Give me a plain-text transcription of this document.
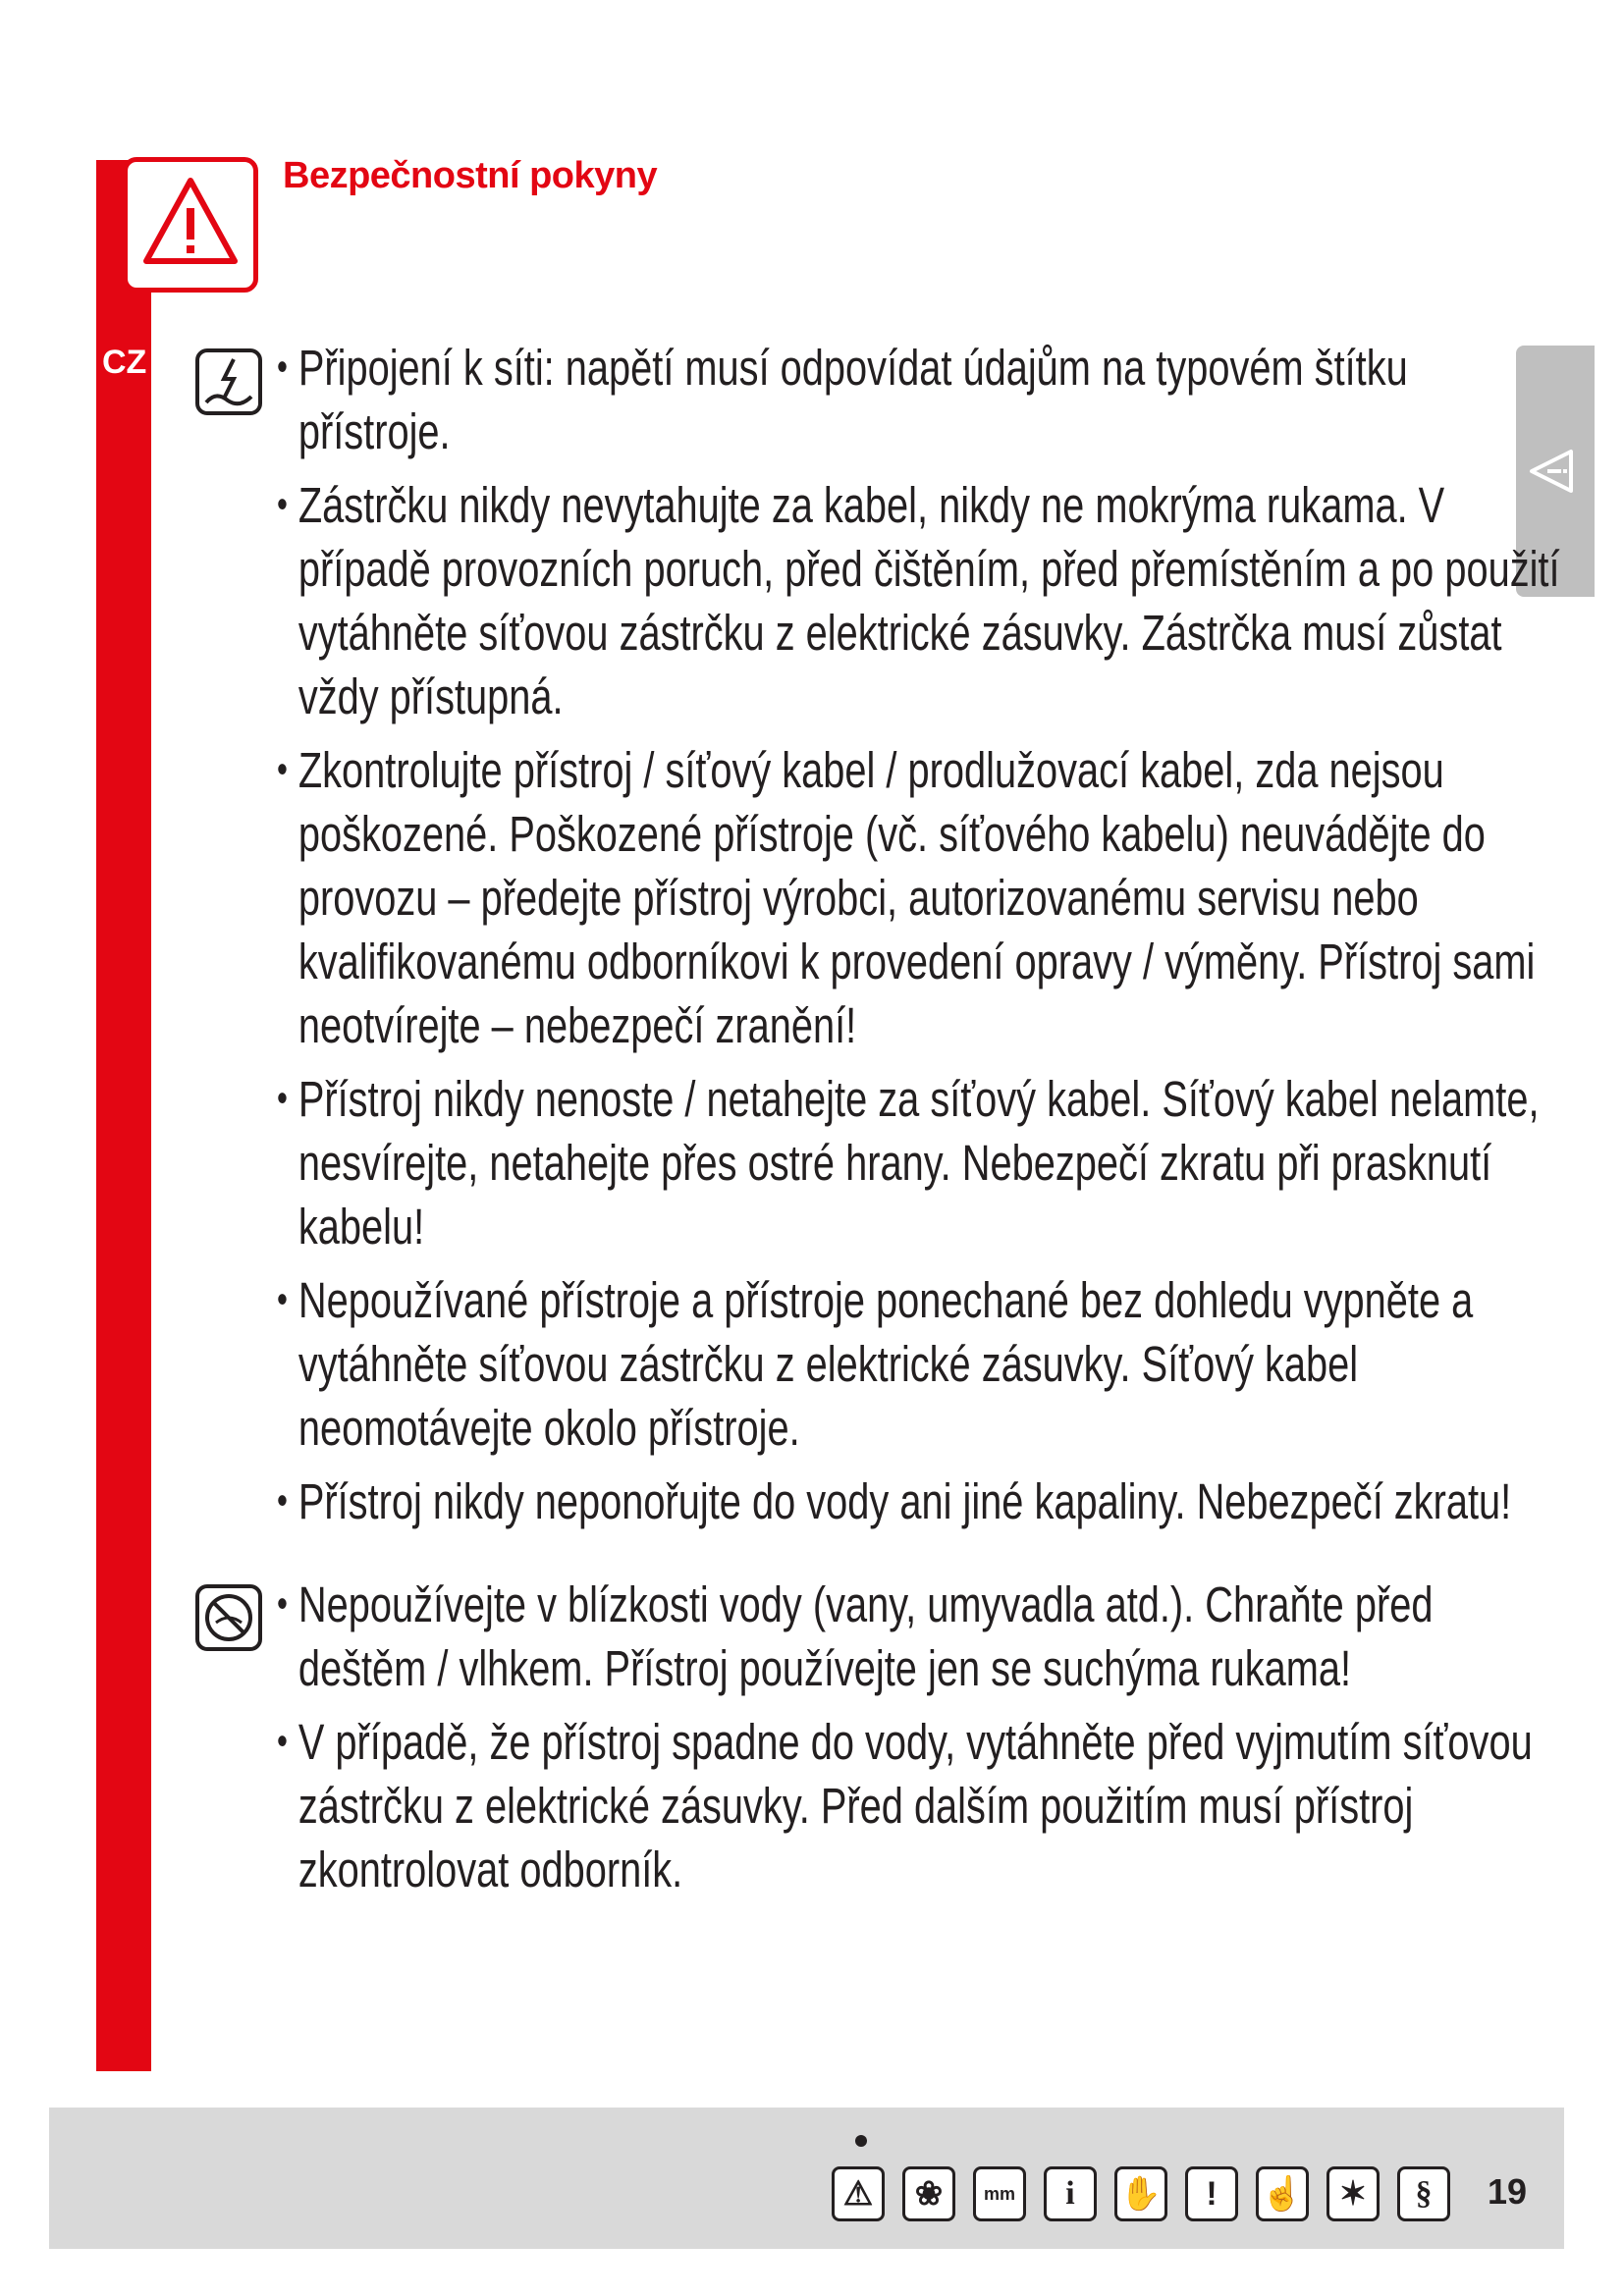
Bezpečnostní pokyny
CZ
•	Připojení k síti: napětí musí odpovídat údajům na typovém štítku přístroje.
• Zástrčku nikdy nevytahujte za kabel, nikdy ne mokrýma rukama. V případě provozních poruch, před čištěním, před přemístěním a po použití vytáhněte síťovou zástrčku z elektrické zásuvky. Zástrčka musí zůstat vždy přístupná.
• Zkontrolujte přístroj / síťový kabel / prodlužovací kabel, zda nejsou poškozené. Poškozené přístroje (vč. síťového kabelu) neuvádějte do provozu – předejte přístroj výrobci, autorizovanému servisu nebo kvalifikovanému odborníkovi k provedení opravy / výměny. Přístroj sami neotvírejte – nebezpečí zranění!
• Přístroj nikdy nenoste / netahejte za síťový kabel. Síťový kabel nelamte, nesvírejte, netahejte přes ostré hrany. Nebezpečí zkratu při prasknutí kabelu!
• Nepoužívané přístroje a přístroje ponechané bez dohledu vypněte a vytáhněte síťovou zástrčku z elektrické zásuvky. Síťový kabel neomotávejte okolo přístroje.
• Přístroj nikdy neponořujte do vody ani jiné kapaliny. Nebezpečí zkratu!
• Nepoužívejte v blízkosti vody (vany, umyvadla atd.). Chraňte před deštěm / vlhkem. Přístroj používejte jen se suchýma rukama!
• V případě, že přístroj spadne do vody, vytáhněte před vyjmutím síťovou zástrčku z elektrické zásuvky. Před dalším použitím musí přístroj zkontrolovat odborník.
⚠	❀	mm	i	✋	!	☝	✶	§	19
